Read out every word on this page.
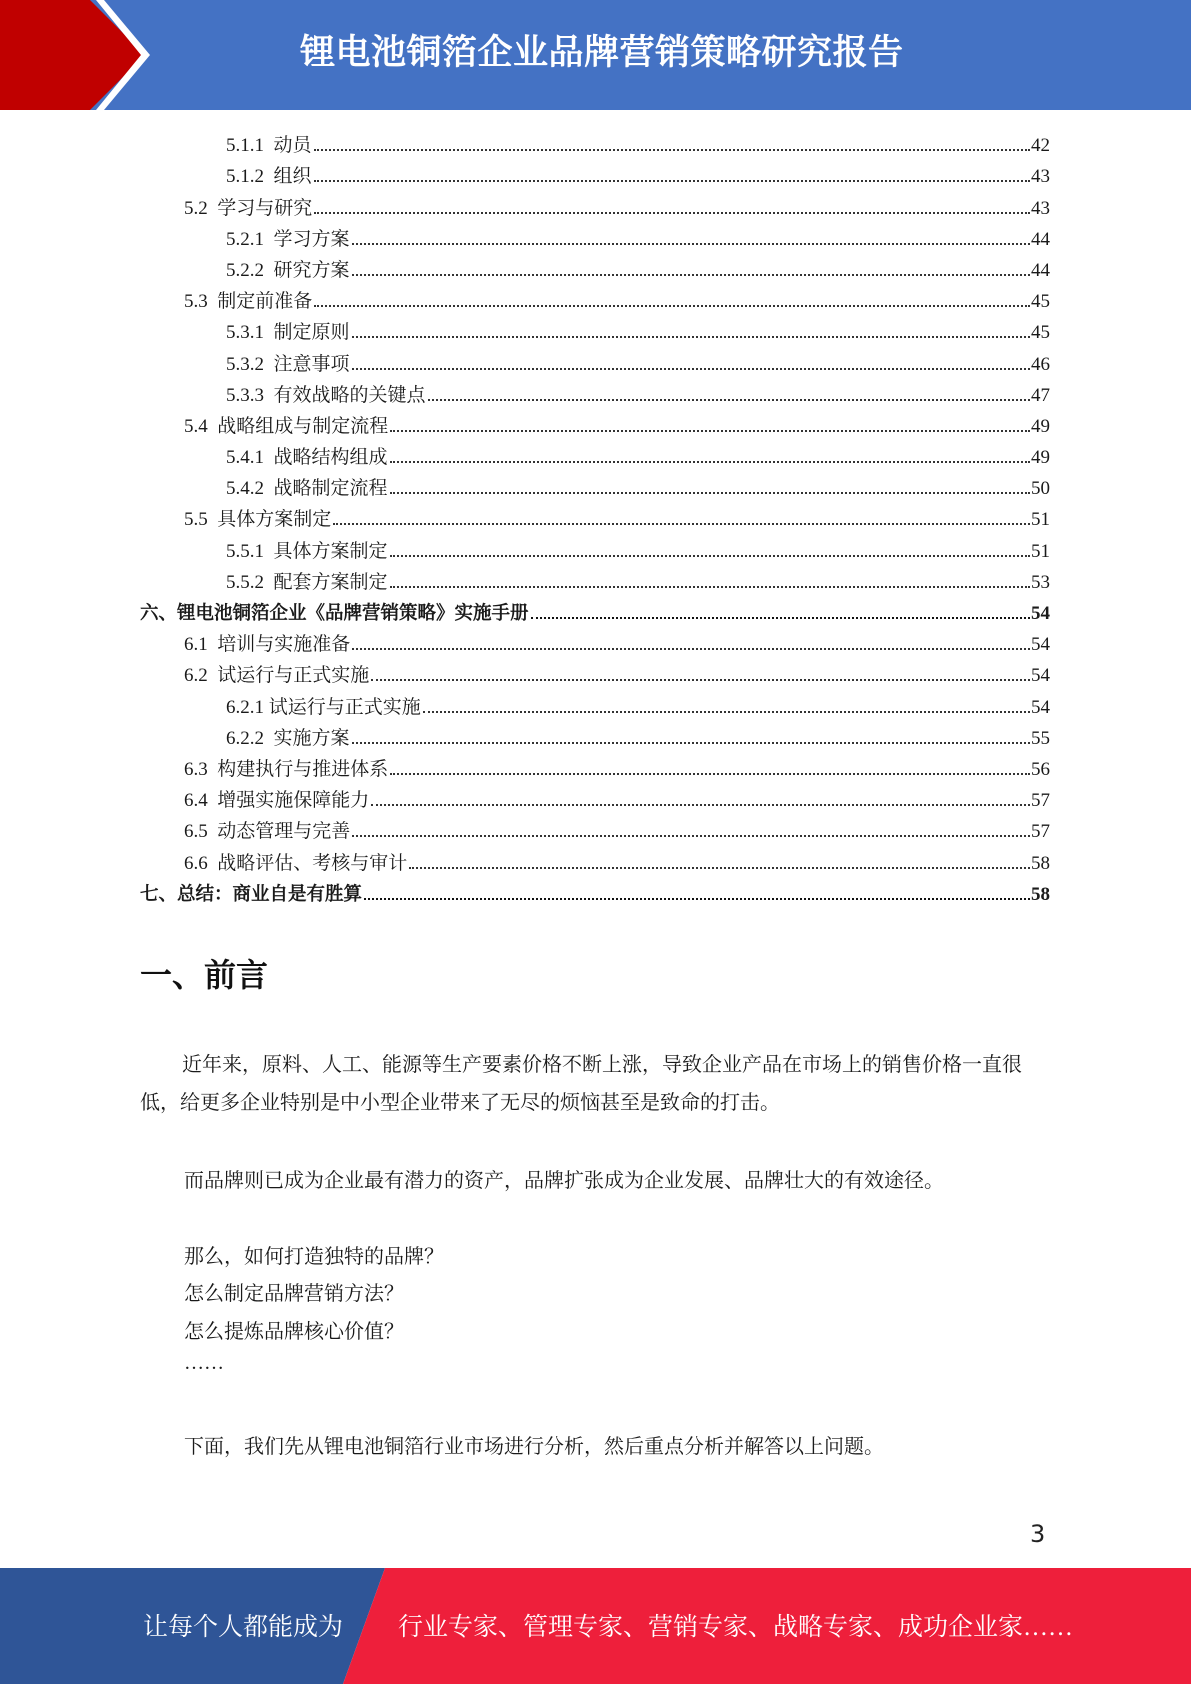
锂电池铜箔企业品牌营销策略研究报告
5.1.1 动员	42
5.1.2 组织	43
5.2 学习与研究	43
5.2.1 学习方案	44
5.2.2 研究方案	44
5.3 制定前准备	45
5.3.1 制定原则	45
5.3.2 注意事项	46
5.3.3 有效战略的关键点	47
5.4 战略组成与制定流程	49
5.4.1 战略结构组成	49
5.4.2 战略制定流程	50
5.5 具体方案制定	51
5.5.1 具体方案制定	51
5.5.2 配套方案制定	53
六、锂电池铜箔企业《品牌营销策略》实施手册	54
6.1 培训与实施准备	54
6.2 试运行与正式实施	54
6.2.1 试运行与正式实施	54
6.2.2 实施方案	55
6.3 构建执行与推进体系	56
6.4 增强实施保障能力	57
6.5 动态管理与完善	57
6.6 战略评估、考核与审计	58
七、总结：商业自是有胜算	58
一、前言
近年来，原料、人工、能源等生产要素价格不断上涨，导致企业产品在市场上的销售价格一直很低，给更多企业特别是中小型企业带来了无尽的烦恼甚至是致命的打击。
而品牌则已成为企业最有潜力的资产，品牌扩张成为企业发展、品牌壮大的有效途径。
那么，如何打造独特的品牌？
怎么制定品牌营销方法？
怎么提炼品牌核心价值？
……
下面，我们先从锂电池铜箔行业市场进行分析，然后重点分析并解答以上问题。
3
让每个人都能成为 行业专家、管理专家、营销专家、战略专家、成功企业家……
